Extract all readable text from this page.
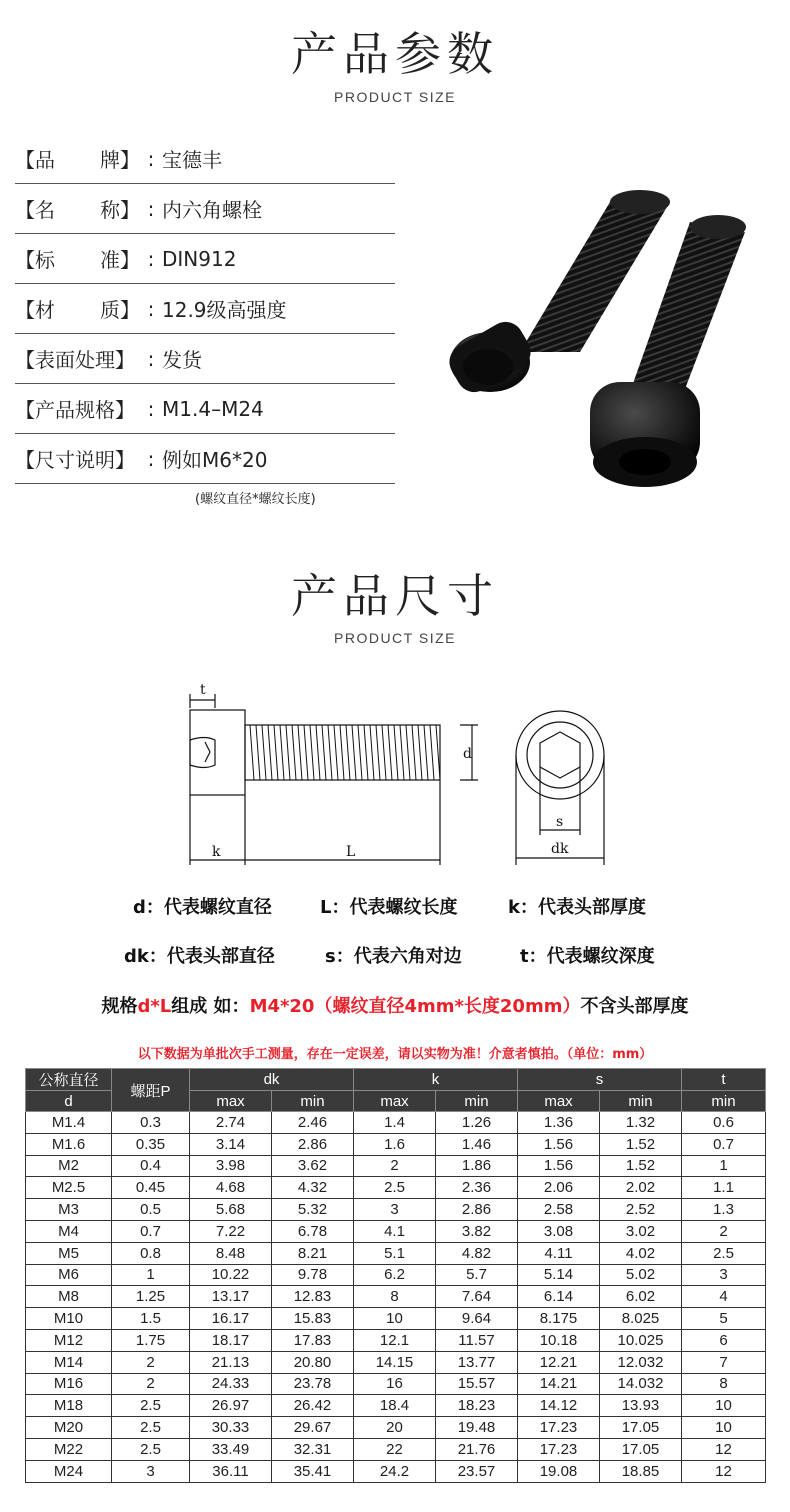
产品参数
PRODUCT SIZE
【品 牌】 : 宝德丰
【名 称】 : 内六角螺栓
【标 准】 : DIN912
【材 质】 : 12.9级高强度
【表面处理】 : 发货
【产品规格】 : M1.4–M24
【尺寸说明】 : 例如M6*20
(螺纹直径*螺纹长度)
产品尺寸
PRODUCT SIZE
t
d
k	L
s
dk
d：代表螺纹直径	L：代表螺纹长度	k：代表头部厚度
dk：代表头部直径	s：代表六角对边	t：代表螺纹深度
规格d*L组成 如：M4*20（螺纹直径4mm*长度20mm）不含头部厚度
以下数据为单批次手工测量，存在一定误差，请以实物为准！介意者慎拍。（单位：mm）
公称直径	螺距P	dk		k		s		t
d		max	min	max	min	max	min	min
M1.4	0.3	2.74	2.46	1.4	1.26	1.36	1.32	0.6
M1.6	0.35	3.14	2.86	1.6	1.46	1.56	1.52	0.7
M2	0.4	3.98	3.62	2	1.86	1.56	1.52	1
M2.5	0.45	4.68	4.32	2.5	2.36	2.06	2.02	1.1
M3	0.5	5.68	5.32	3	2.86	2.58	2.52	1.3
M4	0.7	7.22	6.78	4.1	3.82	3.08	3.02	2
M5	0.8	8.48	8.21	5.1	4.82	4.11	4.02	2.5
M6	1	10.22	9.78	6.2	5.7	5.14	5.02	3
M8	1.25	13.17	12.83	8	7.64	6.14	6.02	4
M10	1.5	16.17	15.83	10	9.64	8.175	8.025	5
M12	1.75	18.17	17.83	12.1	11.57	10.18	10.025	6
M14	2	21.13	20.80	14.15	13.77	12.21	12.032	7
M16	2	24.33	23.78	16	15.57	14.21	14.032	8
M18	2.5	26.97	26.42	18.4	18.23	14.12	13.93	10
M20	2.5	30.33	29.67	20	19.48	17.23	17.05	10
M22	2.5	33.49	32.31	22	21.76	17.23	17.05	12
M24	3	36.11	35.41	24.2	23.57	19.08	18.85	12
